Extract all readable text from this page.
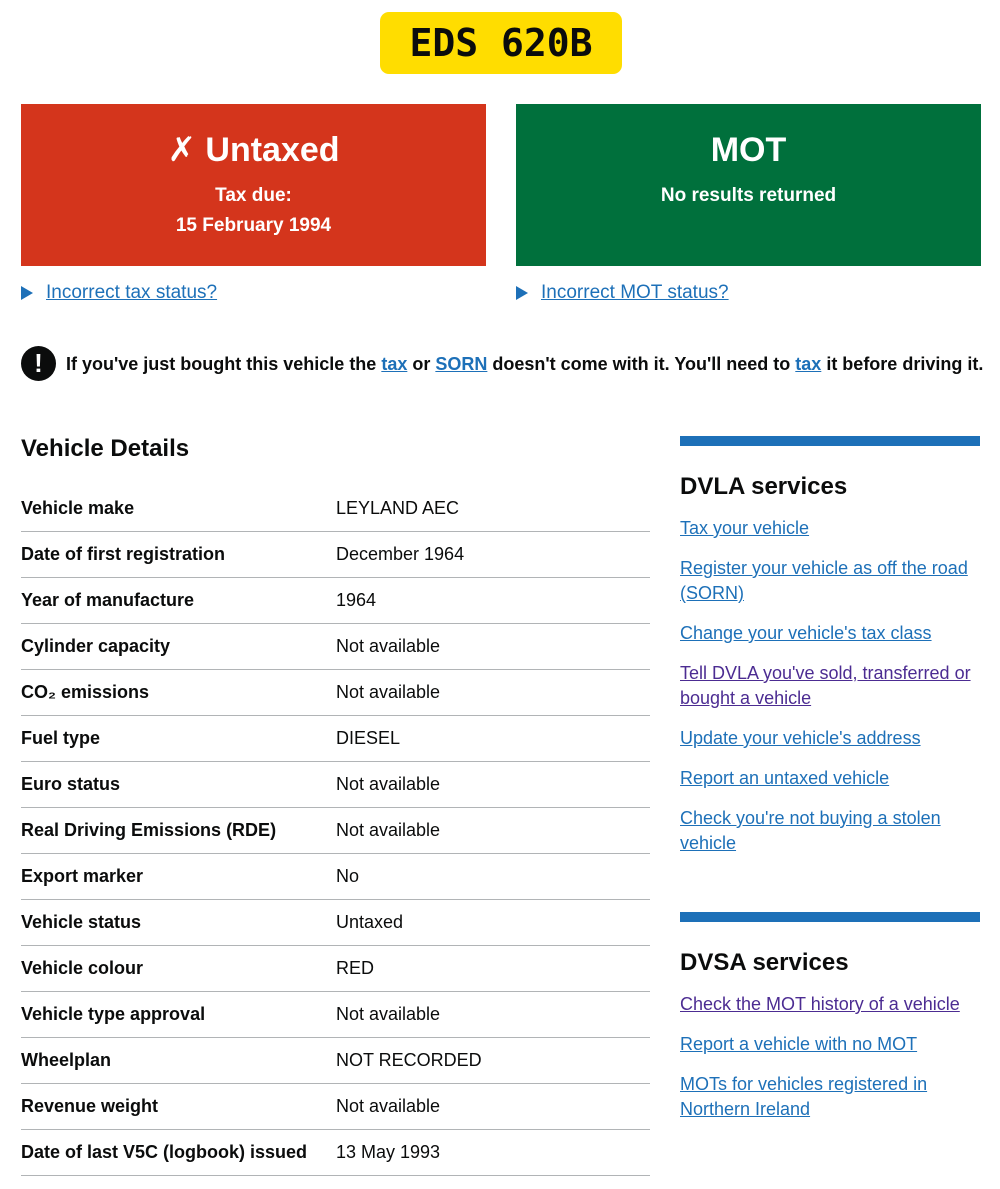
EDS 620B
✗ Untaxed

Tax due:

15 February 1994

MOT

No results returned

Incorrect tax status?	Incorrect MOT status?
!	If you've just bought this vehicle the tax or SORN doesn't come with it. You'll need to tax it before driving it.
Vehicle Details
Vehicle make	LEYLAND AEC
Date of first registration	December 1964
Year of manufacture	1964
Cylinder capacity	Not available
CO₂ emissions	Not available
Fuel type	DIESEL
Euro status	Not available
Real Driving Emissions (RDE)	Not available
Export marker	No
Vehicle status	Untaxed
Vehicle colour	RED
Vehicle type approval	Not available
Wheelplan	NOT RECORDED
Revenue weight	Not available
Date of last V5C (logbook) issued	13 May 1993
DVLA services
Tax your vehicle
Register your vehicle as off the road (SORN)
Change your vehicle's tax class
Tell DVLA you've sold, transferred or bought a vehicle
Update your vehicle's address
Report an untaxed vehicle
Check you're not buying a stolen vehicle
DVSA services
Check the MOT history of a vehicle
Report a vehicle with no MOT
MOTs for vehicles registered in Northern Ireland
